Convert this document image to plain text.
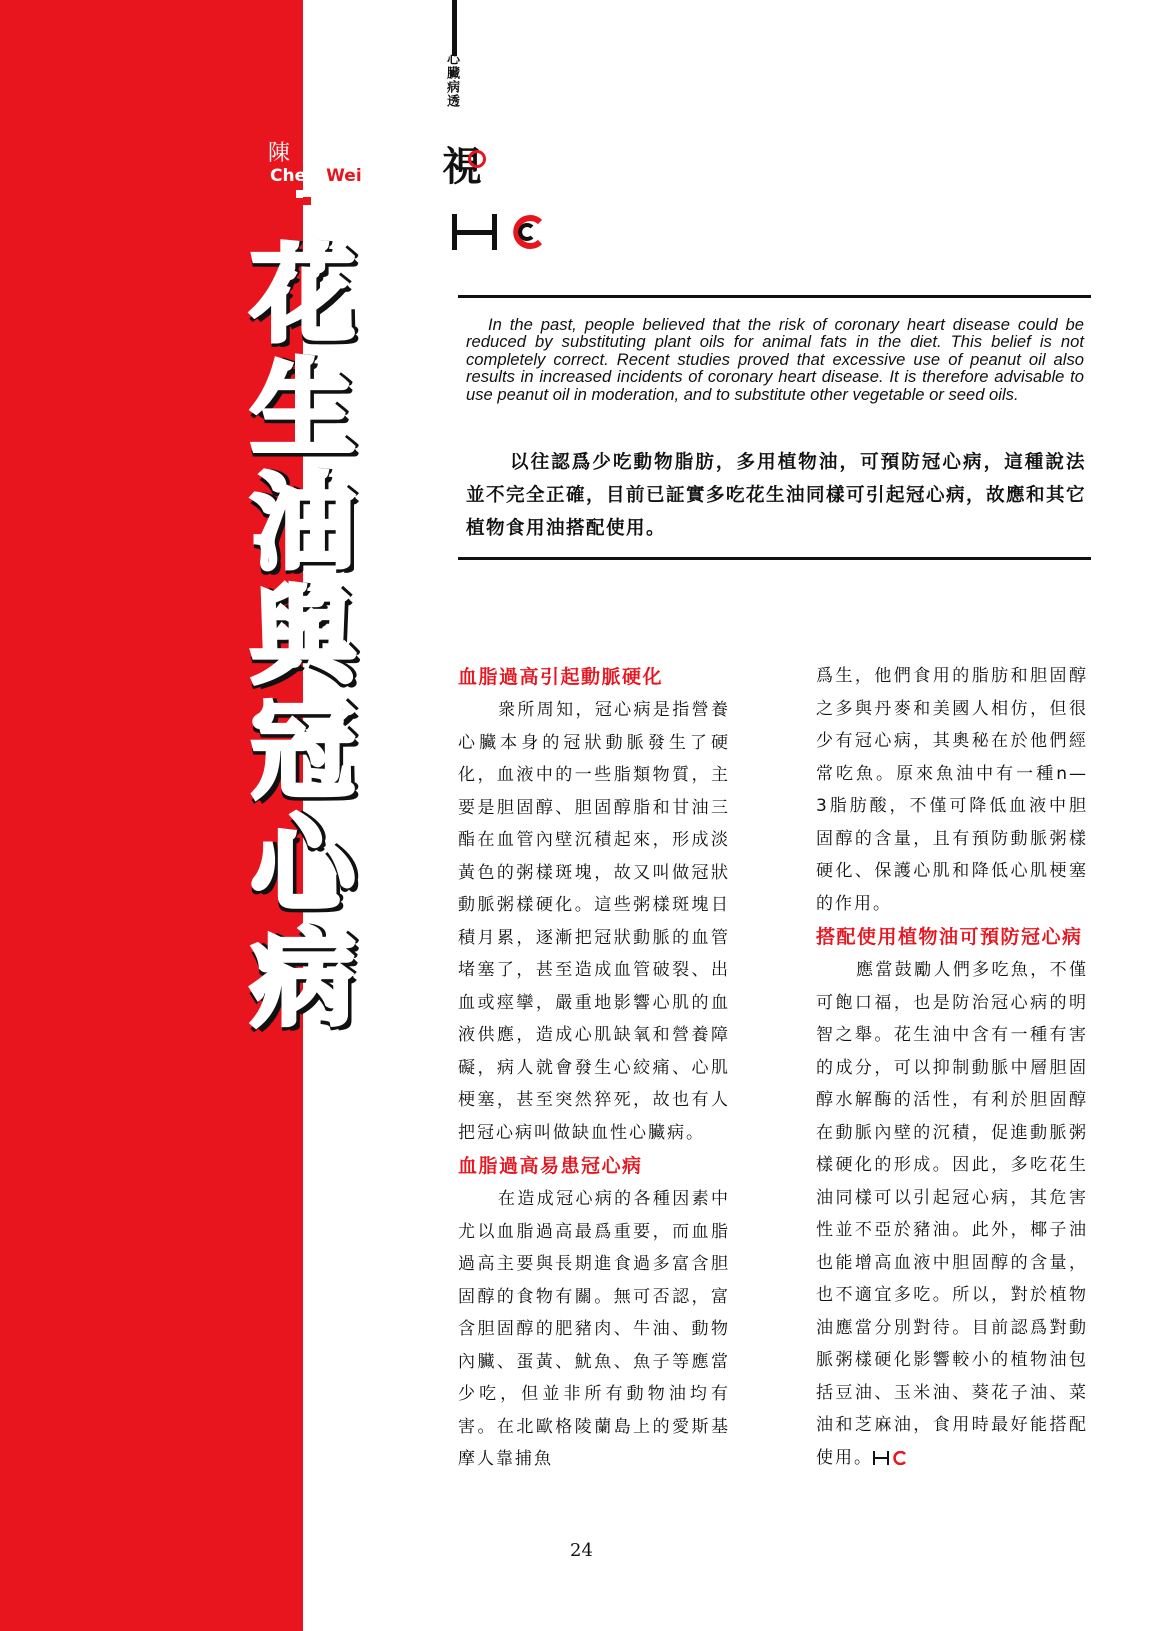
心臟病透
視
陳 偉
Chen Wei
花
生
油
與
冠
心
病
In the past, people believed that the risk of coronary heart disease could be reduced by substituting plant oils for animal fats in the diet. This belief is not completely correct. Recent studies proved that excessive use of peanut oil also results in increased incidents of coronary heart disease. It is therefore advisable to use peanut oil in moderation, and to substitute other vegetable or seed oils.
以往認爲少吃動物脂肪，多用植物油，可預防冠心病，這種說法並不完全正確，目前已証實多吃花生油同樣可引起冠心病，故應和其它植物食用油搭配使用。
血脂過高引起動脈硬化

衆所周知，冠心病是指營養心臟本身的冠狀動脈發生了硬化，血液中的一些脂類物質，主要是胆固醇、胆固醇脂和甘油三酯在血管內壁沉積起來，形成淡黃色的粥樣斑塊，故又叫做冠狀動脈粥樣硬化。這些粥樣斑塊日積月累，逐漸把冠狀動脈的血管堵塞了，甚至造成血管破裂、出血或痙攣，嚴重地影響心肌的血液供應，造成心肌缺氧和營養障礙，病人就會發生心絞痛、心肌梗塞，甚至突然猝死，故也有人把冠心病叫做缺血性心臟病。

血脂過高易患冠心病

在造成冠心病的各種因素中尤以血脂過高最爲重要，而血脂過高主要與長期進食過多富含胆固醇的食物有關。無可否認，富含胆固醇的肥豬肉、牛油、動物內臟、蛋黃、魷魚、魚子等應當少吃，但並非所有動物油均有害。在北歐格陵蘭島上的愛斯基摩人靠捕魚

爲生，他們食用的脂肪和胆固醇之多與丹麥和美國人相仿，但很少有冠心病，其奧秘在於他們經常吃魚。原來魚油中有一種n—3脂肪酸，不僅可降低血液中胆固醇的含量，且有預防動脈粥樣硬化、保護心肌和降低心肌梗塞的作用。

搭配使用植物油可預防冠心病

應當鼓勵人們多吃魚，不僅可飽口福，也是防治冠心病的明智之舉。花生油中含有一種有害的成分，可以抑制動脈中層胆固醇水解酶的活性，有利於胆固醇在動脈內壁的沉積，促進動脈粥樣硬化的形成。因此，多吃花生油同樣可以引起冠心病，其危害性並不亞於豬油。此外，椰子油也能增高血液中胆固醇的含量，也不適宜多吃。所以，對於植物油應當分別對待。目前認爲對動脈粥樣硬化影響較小的植物油包括豆油、玉米油、葵花子油、菜油和芝麻油，食用時最好能搭配使用。

24
